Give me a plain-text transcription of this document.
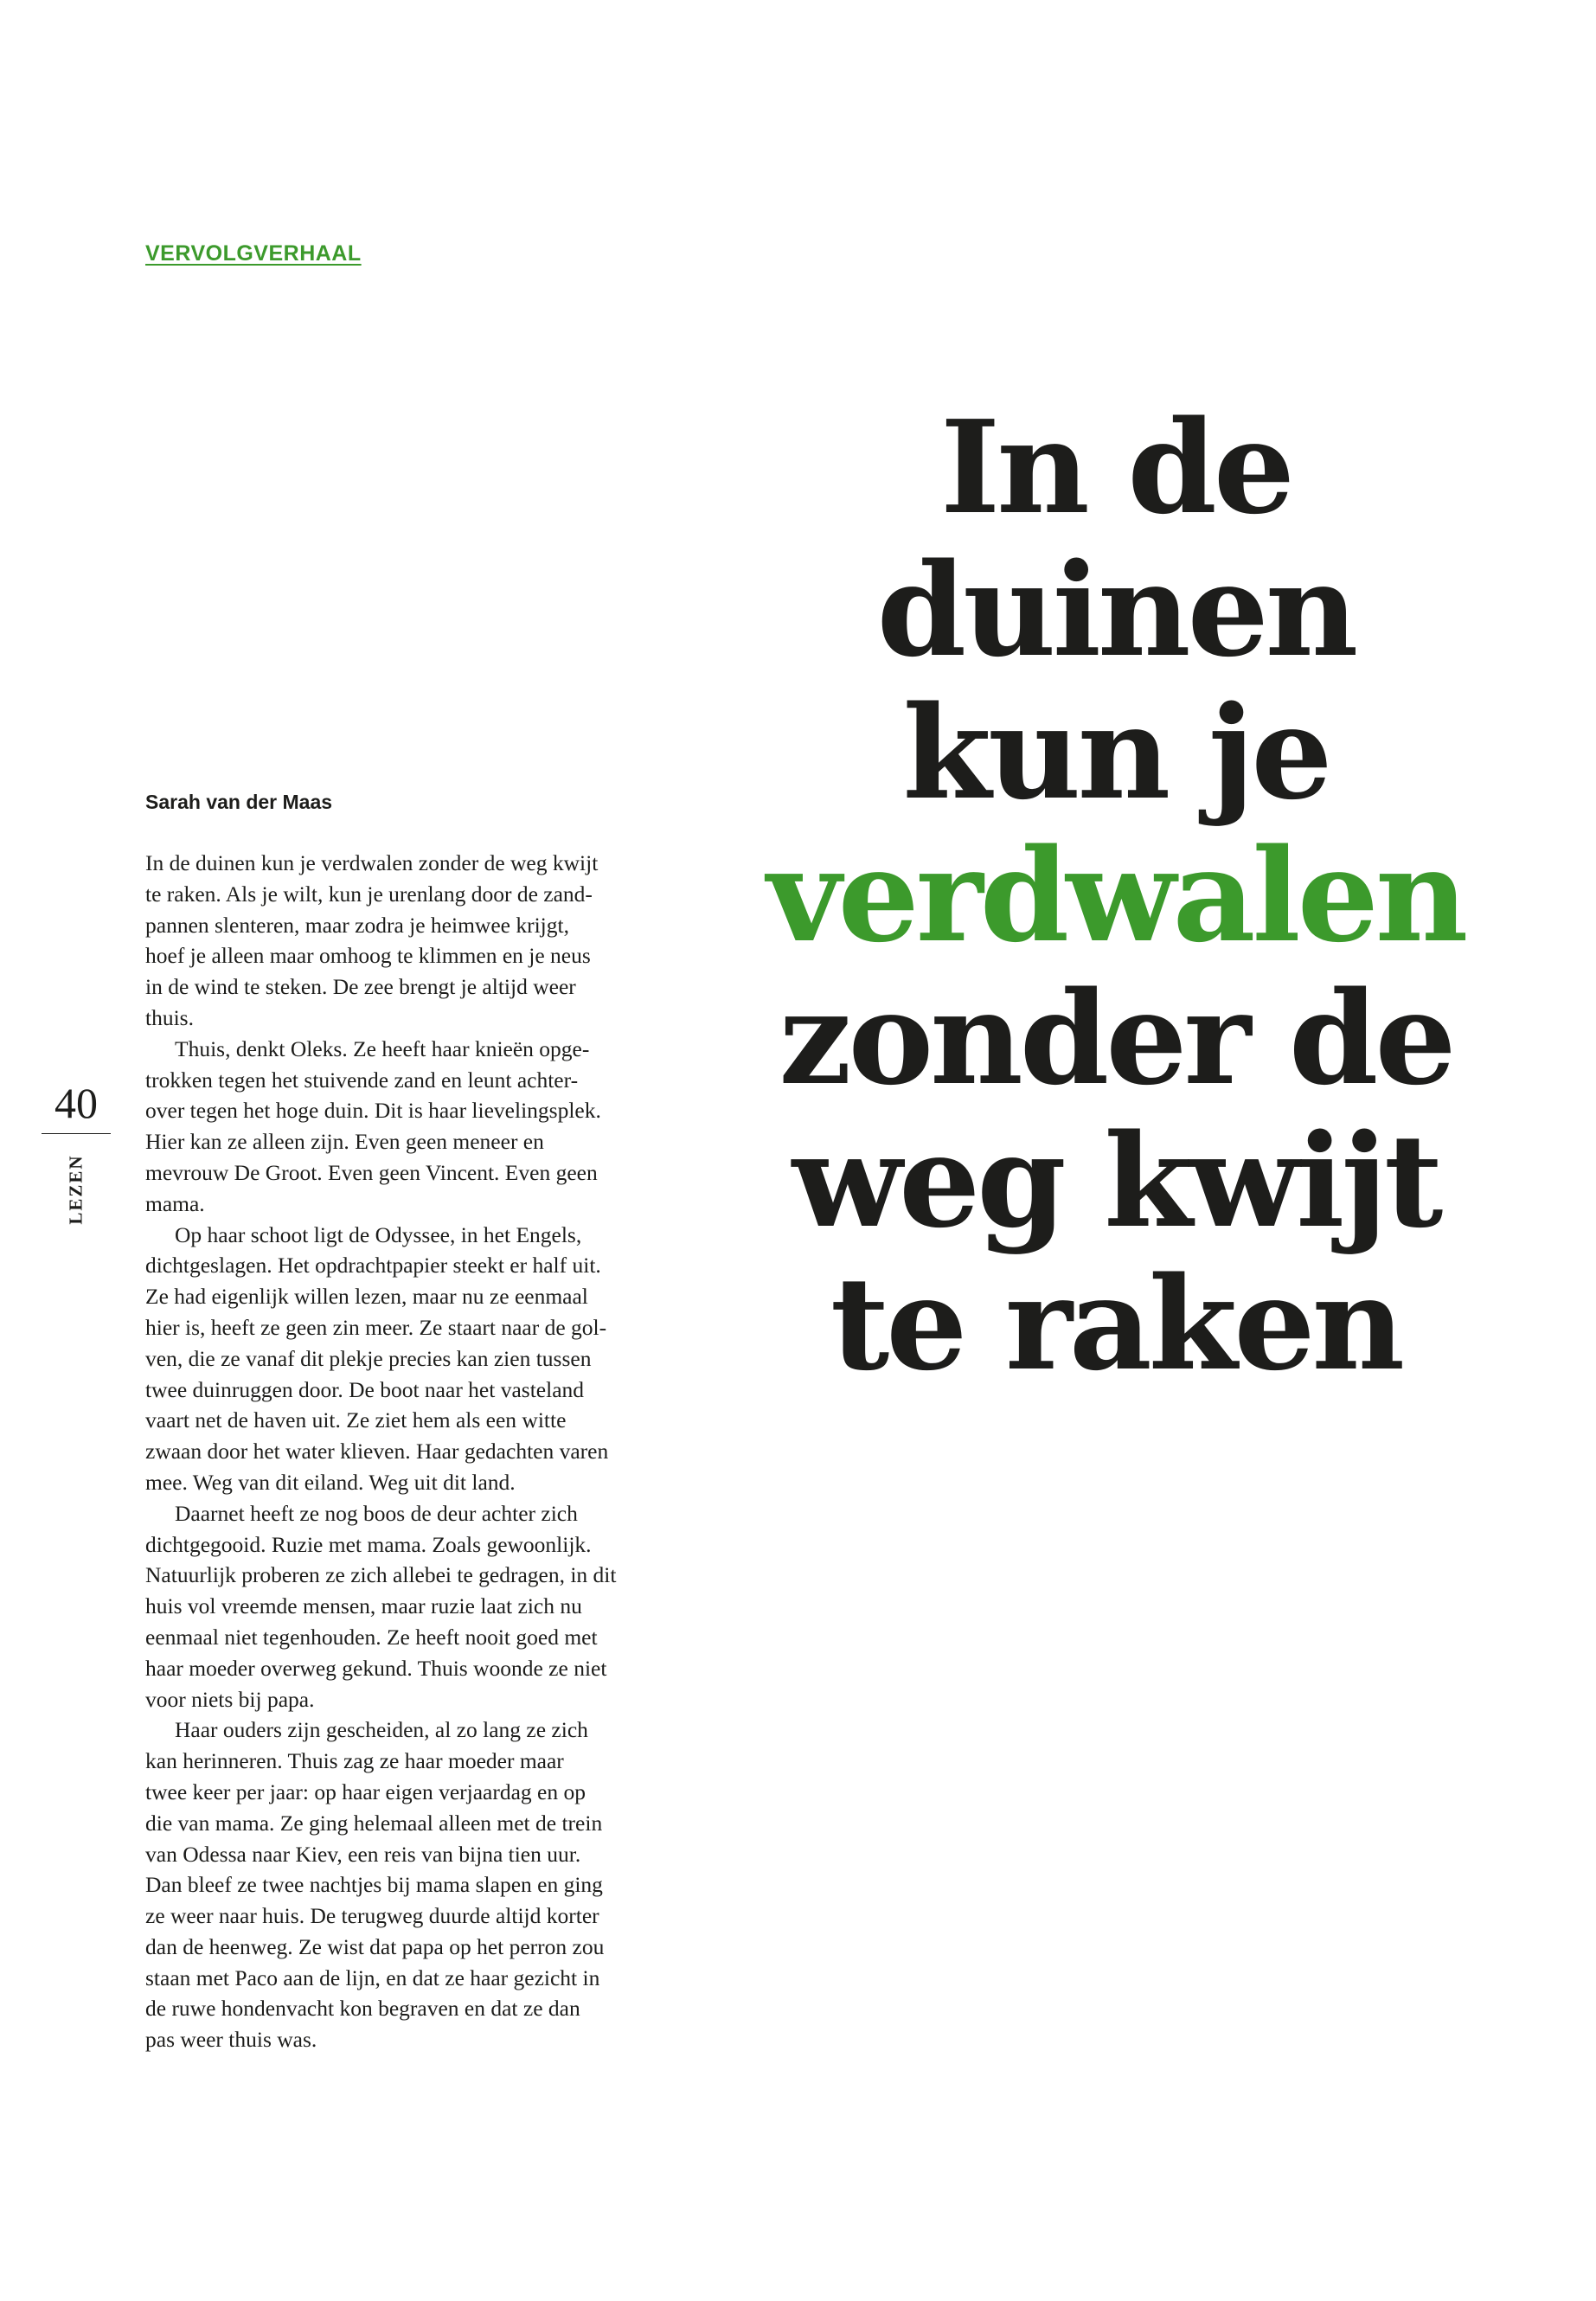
VERVOLGVERHAAL
40
LEZEN
Sarah van der Maas

In de duinen kun je verdwalen zonder de weg kwijt
te raken. Als je wilt, kun je urenlang door de zand-
pannen slenteren, maar zodra je heimwee krijgt,
hoef je alleen maar omhoog te klimmen en je neus
in de wind te steken. De zee brengt je altijd weer
thuis.

Thuis, denkt Oleks. Ze heeft haar knieën opge-
trokken tegen het stuivende zand en leunt achter-
over tegen het hoge duin. Dit is haar lievelingsplek.
Hier kan ze alleen zijn. Even geen meneer en
mevrouw De Groot. Even geen Vincent. Even geen
mama.

Op haar schoot ligt de Odyssee, in het Engels,
dichtgeslagen. Het opdrachtpapier steekt er half uit.
Ze had eigenlijk willen lezen, maar nu ze eenmaal
hier is, heeft ze geen zin meer. Ze staart naar de gol-
ven, die ze vanaf dit plekje precies kan zien tussen
twee duinruggen door. De boot naar het vasteland
vaart net de haven uit. Ze ziet hem als een witte
zwaan door het water klieven. Haar gedachten varen
mee. Weg van dit eiland. Weg uit dit land.

Daarnet heeft ze nog boos de deur achter zich
dichtgegooid. Ruzie met mama. Zoals gewoonlijk.
Natuurlijk proberen ze zich allebei te gedragen, in dit
huis vol vreemde mensen, maar ruzie laat zich nu
eenmaal niet tegenhouden. Ze heeft nooit goed met
haar moeder overweg gekund. Thuis woonde ze niet
voor niets bij papa.

Haar ouders zijn gescheiden, al zo lang ze zich
kan herinneren. Thuis zag ze haar moeder maar
twee keer per jaar: op haar eigen verjaardag en op
die van mama. Ze ging helemaal alleen met de trein
van Odessa naar Kiev, een reis van bijna tien uur.
Dan bleef ze twee nachtjes bij mama slapen en ging
ze weer naar huis. De terugweg duurde altijd korter
dan de heenweg. Ze wist dat papa op het perron zou
staan met Paco aan de lijn, en dat ze haar gezicht in
de ruwe hondenvacht kon begraven en dat ze dan
pas weer thuis was.

In de
duinen
kun je
verdwalen
zonder de
weg kwijt
te raken
